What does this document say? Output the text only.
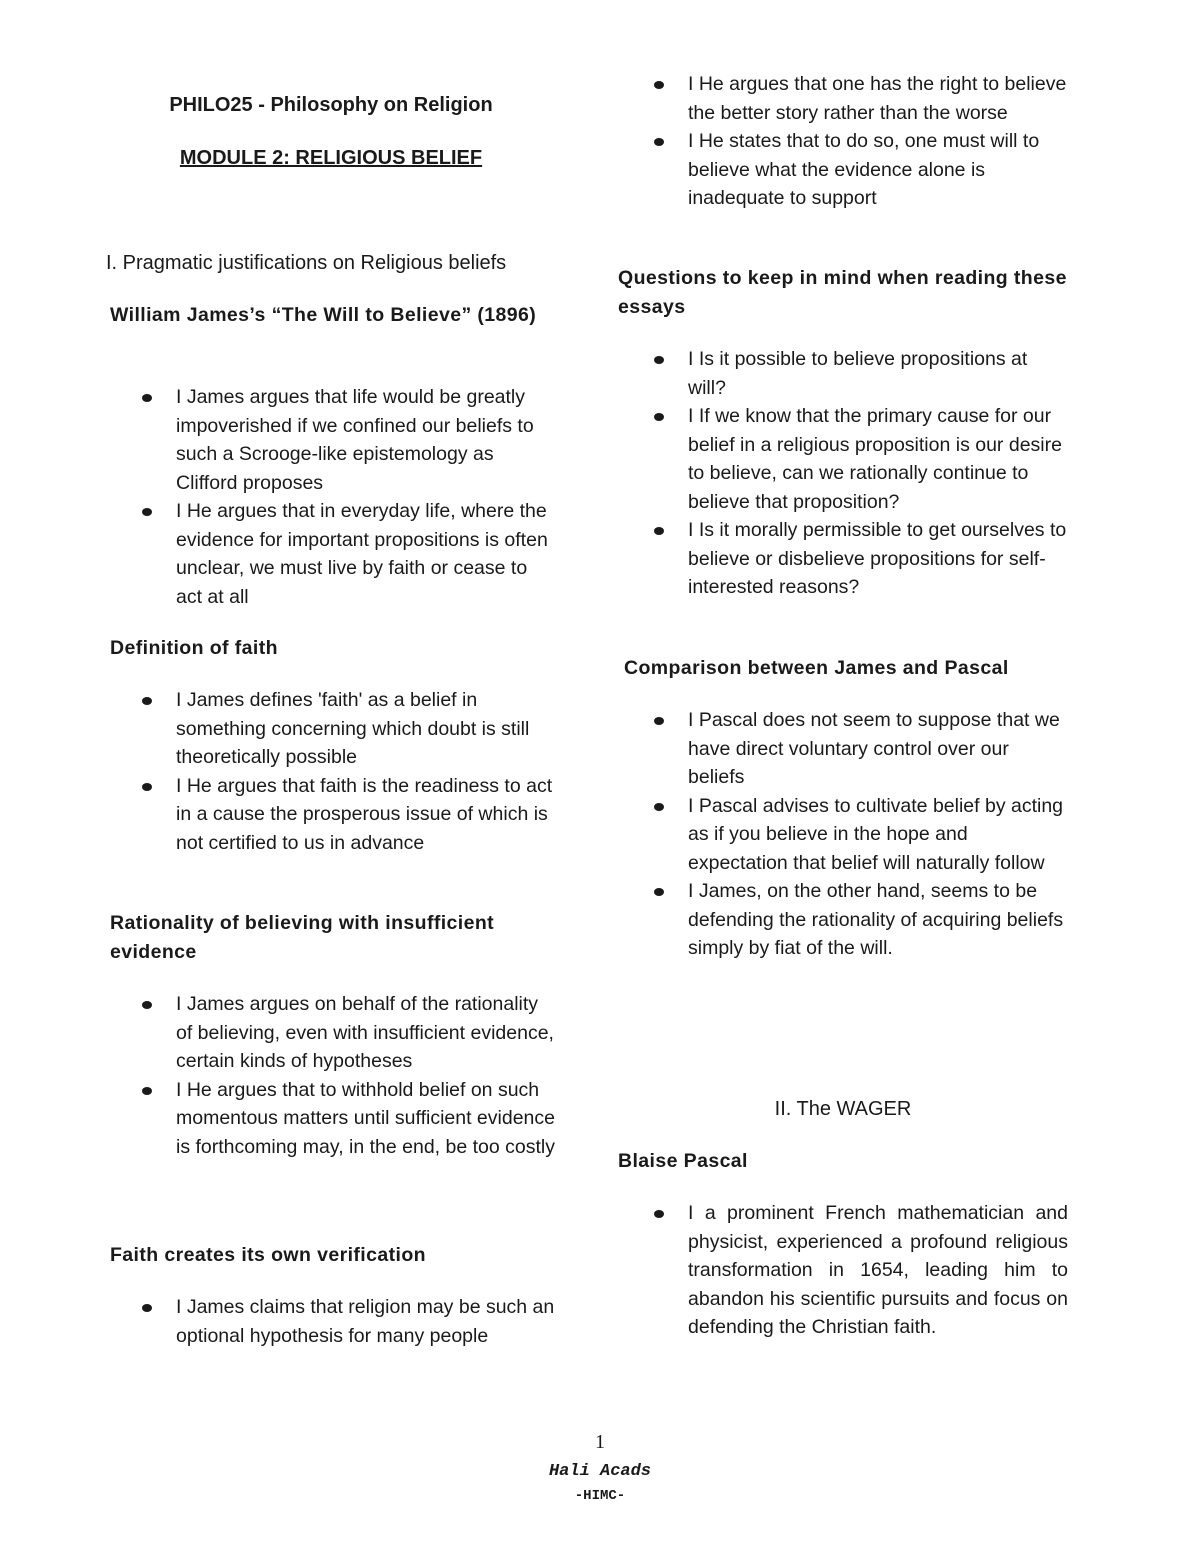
PHILO25 - Philosophy on Religion
MODULE 2: RELIGIOUS BELIEF
I. Pragmatic justifications on Religious beliefs
William James’s “The Will to Believe” (1896)
I James argues that life would be greatly impoverished if we confined our beliefs to such a Scrooge-like epistemology as Clifford proposes
I He argues that in everyday life, where the evidence for important propositions is often unclear, we must live by faith or cease to act at all
Definition of faith
I James defines 'faith' as a belief in something concerning which doubt is still theoretically possible
I He argues that faith is the readiness to act in a cause the prosperous issue of which is not certified to us in advance
Rationality of believing with insufficient evidence
I James argues on behalf of the rationality of believing, even with insufficient evidence, certain kinds of hypotheses
I He argues that to withhold belief on such momentous matters until sufficient evidence is forthcoming may, in the end, be too costly
Faith creates its own verification
I James claims that religion may be such an optional hypothesis for many people
I He argues that one has the right to believe the better story rather than the worse
I He states that to do so, one must will to believe what the evidence alone is inadequate to support
Questions to keep in mind when reading these essays
I Is it possible to believe propositions at will?
I If we know that the primary cause for our belief in a religious proposition is our desire to believe, can we rationally continue to believe that proposition?
I Is it morally permissible to get ourselves to believe or disbelieve propositions for self-interested reasons?
Comparison between James and Pascal
I Pascal does not seem to suppose that we have direct voluntary control over our beliefs
I Pascal advises to cultivate belief by acting as if you believe in the hope and expectation that belief will naturally follow
I James, on the other hand, seems to be defending the rationality of acquiring beliefs simply by fiat of the will.
II. The WAGER
Blaise Pascal
I a prominent French mathematician and physicist, experienced a profound religious transformation in 1654, leading him to abandon his scientific pursuits and focus on defending the Christian faith.
1
Hali Acads
-HIMC-
